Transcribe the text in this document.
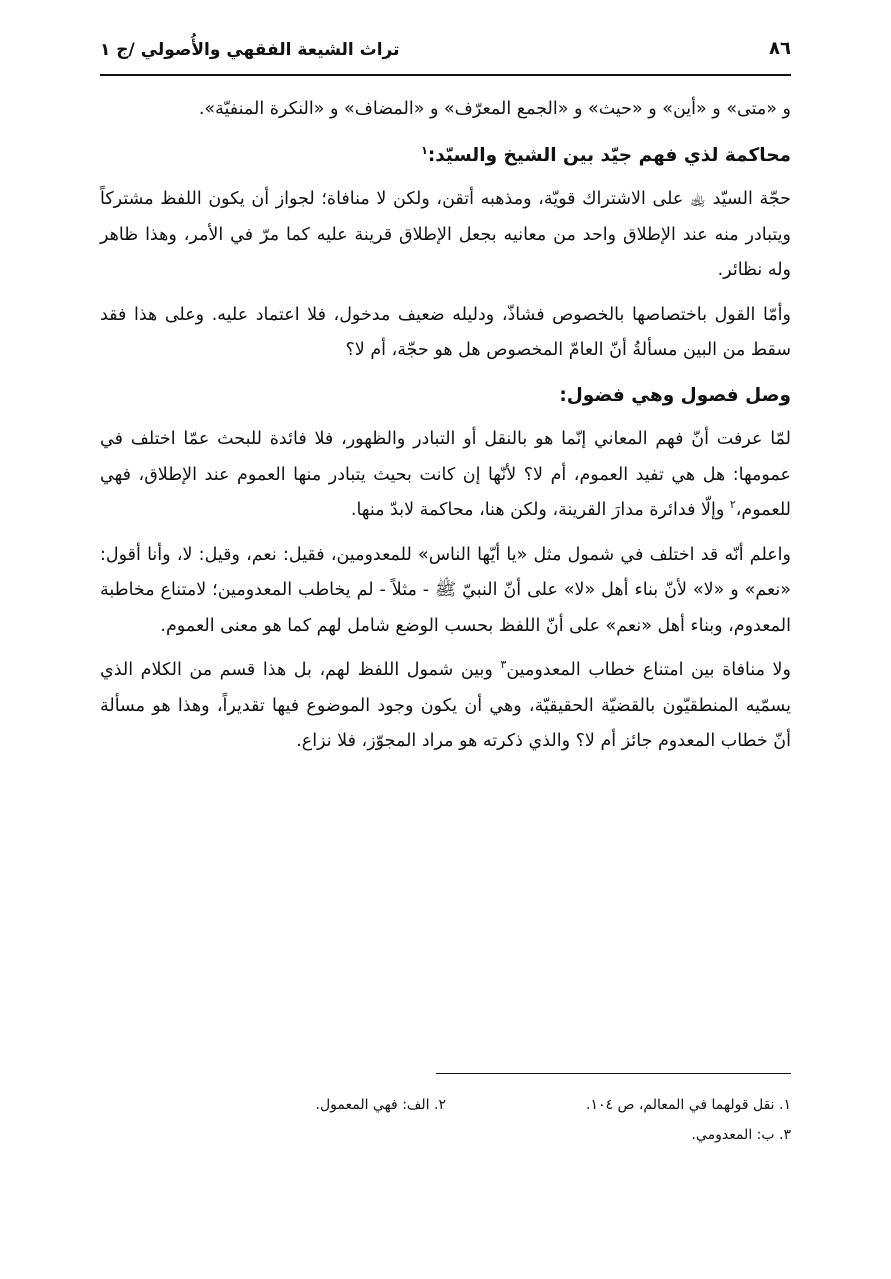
٨٦
تراث الشيعة الفقهي والأُصولي /ج ١

و «متى» و «أين» و «حيث» و «الجمع المعرّف» و «المضاف» و «النكرة المنفيّة».

محاكمة لذي فهم جيّد بين الشيخ والسيّد:$^١$

حجّة السيّد ﵀ على الاشتراك قويّة، ومذهبه أتقن، ولكن لا منافاة؛ لجواز أن يكون اللفظ مشتركاً ويتبادر منه عند الإطلاق واحد من معانيه بجعل الإطلاق قرينة عليه كما مرّ في الأمر، وهذا ظاهر وله نظائر.

وأمّا القول باختصاصها بالخصوص فشاذّ، ودليله ضعيف مدخول، فلا اعتماد عليه. وعلى هذا فقد سقط من البين مسألةُ أنّ العامّ المخصوص هل هو حجّة، أم لا؟

وصل فصول وهي فضول:

لمّا عرفت أنّ فهم المعاني إنّما هو بالنقل أو التبادر والظهور، فلا فائدة للبحث عمّا اختلف في عمومها: هل هي تفيد العموم، أم لا؟ لأنّها إن كانت بحيث يتبادر منها العموم عند الإطلاق، فهي للعموم،$^٢$ وإلّا فدائرة مدارَ القرينة، ولكن هنا، محاكمة لابدّ منها.

واعلم أنّه قد اختلف في شمول مثل «يا أيّها الناس» للمعدومين، فقيل: نعم، وقيل: لا، وأنا أقول: «نعم» و «لا» لأنّ بناء أهل «لا» على أنّ النبيّ ﷺ - مثلاً - لم يخاطب المعدومين؛ لامتناع مخاطبة المعدوم، وبناء أهل «نعم» على أنّ اللفظ بحسب الوضع شامل لهم كما هو معنى العموم.

ولا منافاة بين امتناع خطاب المعدومين$^٣$ وبين شمول اللفظ لهم، بل هذا قسم من الكلام الذي يسمّيه المنطقيّون بالقضيّة الحقيقيّة، وهي أن يكون وجود الموضوع فيها تقديراً، وهذا هو مسألة أنّ خطاب المعدوم جائز أم لا؟ والذي ذكرته هو مراد المجوّز، فلا نزاع.

١. نقل قولهما في المعالم، ص ١٠٤.
٢. الف: فهي المعمول.
٣. ب: المعدومي.
